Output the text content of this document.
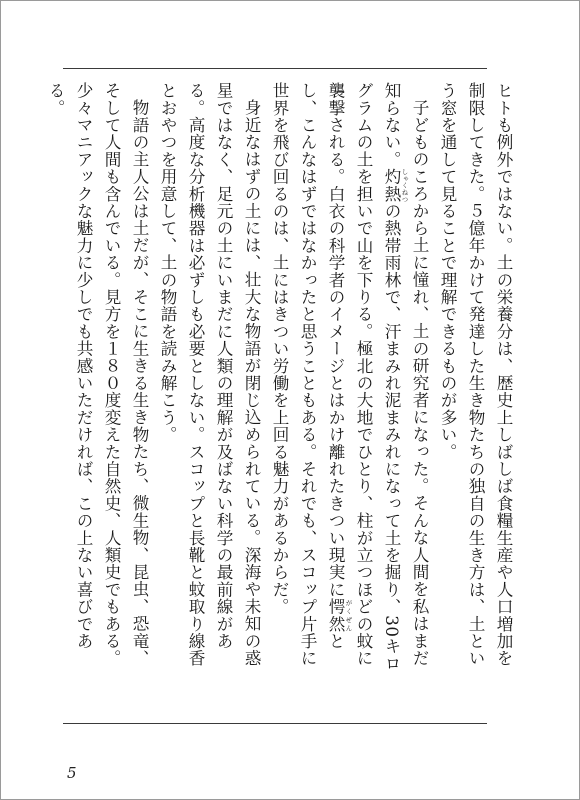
ヒトも例外ではない。土の栄養分は、歴史上しばしば食糧生産や人口増加を制限してきた。５億年かけて発達した生き物たちの独自の生き方は、土という窓を通して見ることで理解できるものが多い。

子どものころから土に憧れ、土の研究者になった。そんな人間を私はまだ知らない。灼熱 しゃくねつの熱帯雨林で、汗まみれ泥まみれになって土を掘り、30キログラムの土を担いで山を下りる。極北の大地でひとり、柱が立つほどの蚊に襲撃される。白衣の科学者のイメージとはかけ離れたきつい現実に愕然 がくぜんとし、こんなはずではなかったと思うこともある。それでも、スコップ片手に世界を飛び回るのは、土にはきつい労働を上回る魅力があるからだ。

身近なはずの土には、壮大な物語が閉じ込められている。深海や未知の惑星ではなく、足元の土にいまだに人類の理解が及ばない科学の最前線がある。高度な分析機器は必ずしも必要としない。スコップと長靴と蚊取り線香とおやつを用意して、土の物語を読み解こう。

物語の主人公は土だが、そこに生きる生き物たち、微生物、昆虫、恐竜、そして人間も含んでいる。見方を１８０度変えた自然史、人類史でもある。少々マニアックな魅力に少しでも共感いただければ、この上ない喜びである。

5
